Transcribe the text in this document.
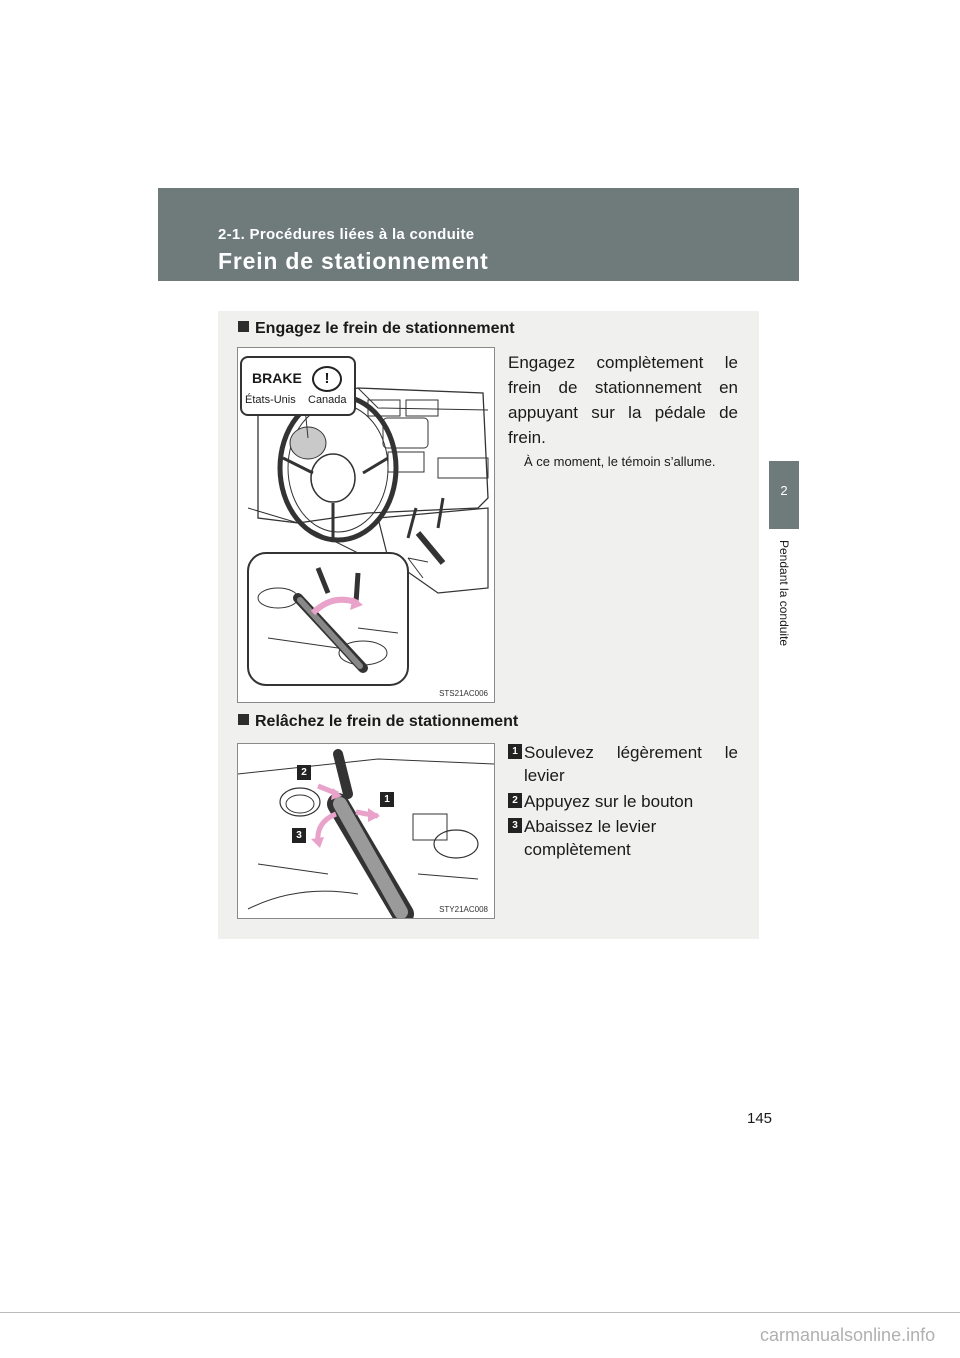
2-1. Procédures liées à la conduite
Frein de stationnement
2
Pendant la conduite
Engagez le frein de stationnement
STS21AC006
BRAKE	!
États-Unis Canada
Engagez complètement le frein de stationnement en appuyant sur la pédale de frein.
À ce moment, le témoin s’allume.
Relâchez le frein de stationnement
2
1
3
STY21AC008
1 Soulevez légèrement le levier
2 Appuyez sur le bouton
3 Abaissez le levier complètement
145
carmanualsonline.info
